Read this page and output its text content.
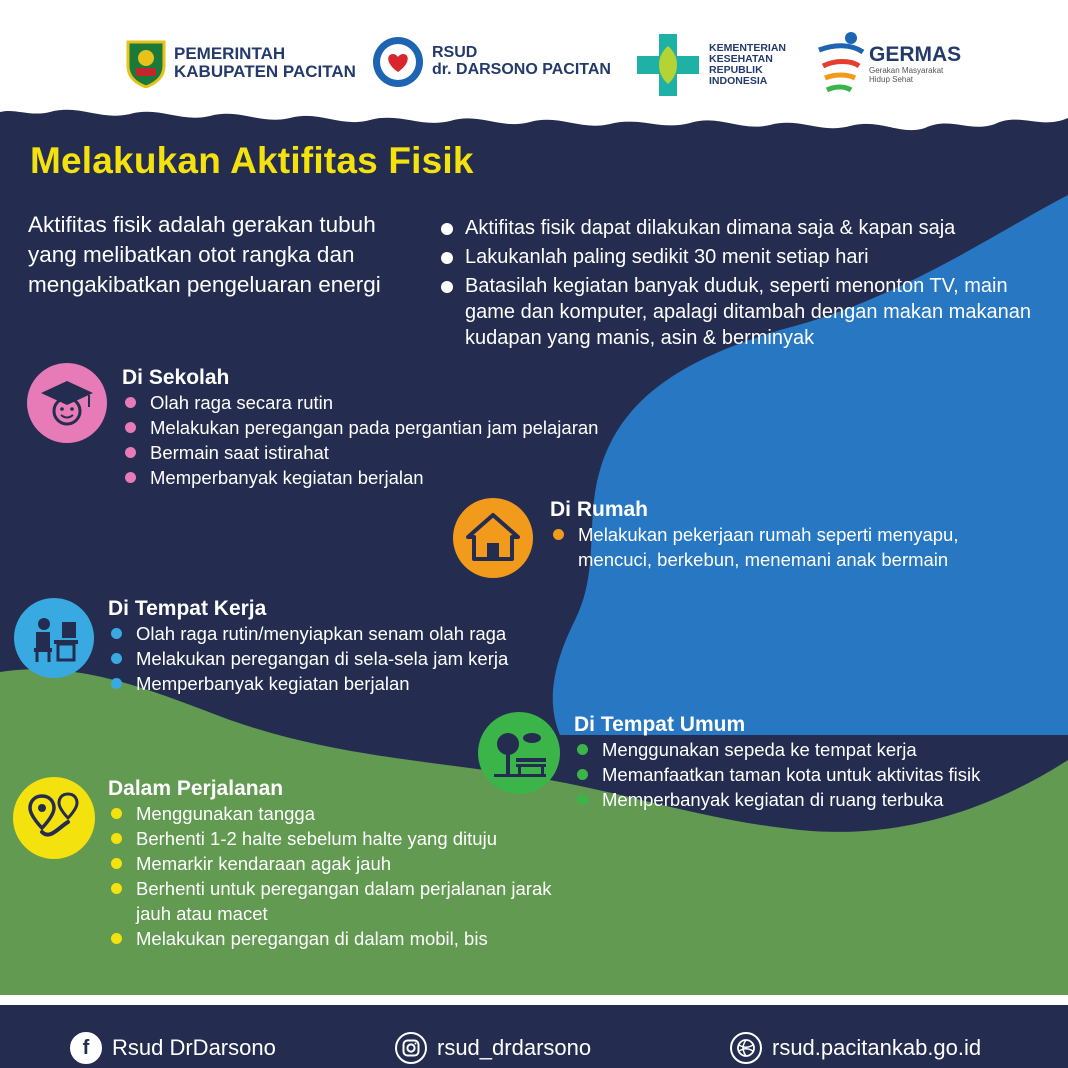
PEMERINTAH
KABUPATEN PACITAN
RSUD
dr. DARSONO PACITAN
KEMENTERIAN
KESEHATAN
REPUBLIK
INDONESIA
GERMAS
Gerakan Masyarakat
Hidup Sehat
Melakukan Aktifitas Fisik
Aktifitas fisik adalah gerakan tubuh yang melibatkan otot rangka dan mengakibatkan pengeluaran energi
Aktifitas fisik dapat dilakukan dimana saja & kapan saja
Lakukanlah paling sedikit 30 menit setiap hari
Batasilah kegiatan banyak duduk, seperti menonton TV, main game dan komputer, apalagi ditambah dengan makan makanan kudapan yang manis, asin & berminyak
Di Sekolah
Olah raga secara rutin
Melakukan peregangan pada pergantian jam pelajaran
Bermain saat istirahat
Memperbanyak kegiatan berjalan
Di Rumah
Melakukan pekerjaan rumah seperti menyapu, mencuci, berkebun, menemani anak bermain
Di Tempat Kerja
Olah raga rutin/menyiapkan senam olah raga
Melakukan peregangan di sela-sela jam kerja
Memperbanyak kegiatan berjalan
Di Tempat Umum
Menggunakan sepeda ke tempat kerja
Memanfaatkan taman kota untuk aktivitas fisik
Memperbanyak kegiatan di ruang terbuka
Dalam Perjalanan
Menggunakan tangga
Berhenti 1-2 halte sebelum halte yang dituju
Memarkir kendaraan agak jauh
Berhenti untuk peregangan dalam perjalanan jarak jauh atau macet
Melakukan peregangan di dalam mobil, bis
f Rsud DrDarsono	rsud_drdarsono	rsud.pacitankab.go.id
